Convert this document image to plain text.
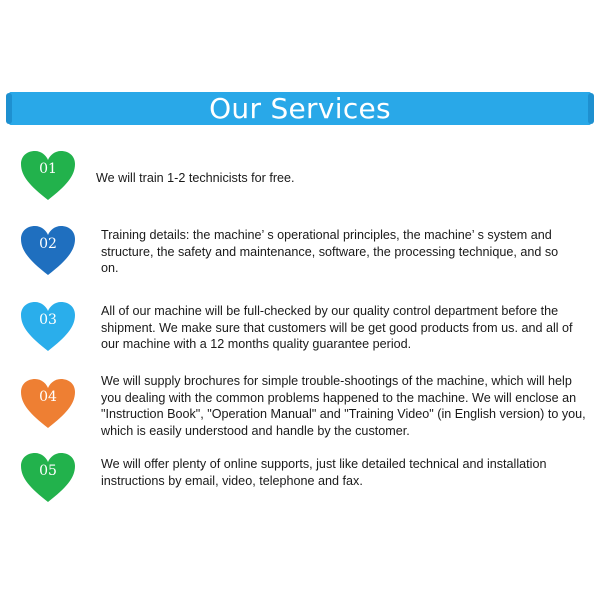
Our Services
01
We will train 1-2 technicists for free.
02
Training details: the machine’ s operational principles, the machine’ s system and structure, the safety and maintenance, software, the processing technique, and so on.
03
All of our machine will be full-checked by our quality control department before the shipment. We make sure that customers will be get good products from us. and all of our machine with a 12 months quality guarantee period.
04
We will supply brochures for simple trouble-shootings of the machine, which will help you dealing with the common problems happened to the machine. We will enclose an "Instruction Book", "Operation Manual" and "Training Video" (in English version) to you, which is easily understood and handle by the customer.
05	We will offer plenty of online supports, just like detailed technical and installation instructions by email, video, telephone and fax.
